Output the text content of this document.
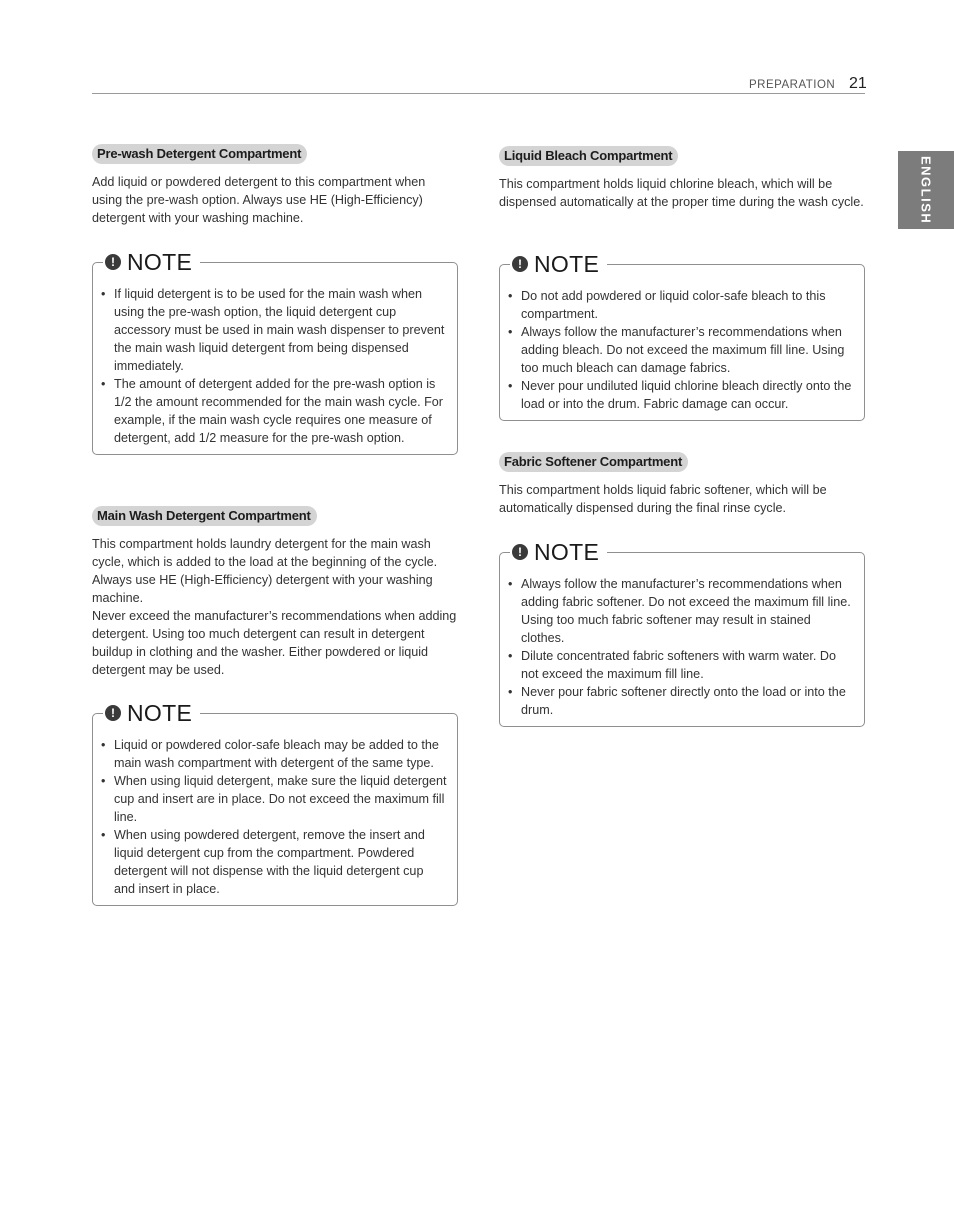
PREPARATION 21
ENGLISH
Pre-wash Detergent Compartment

Add liquid or powdered detergent to this compartment when using the pre-wash option. Always use HE (High-Efficiency) detergent with your washing machine.

! NOTE
• If liquid detergent is to be used for the main wash when using the pre-wash option, the liquid detergent cup accessory must be used in main wash dispenser to prevent the main wash liquid detergent from being dispensed immediately.
• The amount of detergent added for the pre-wash option is 1/2 the amount recommended for the main wash cycle. For example, if the main wash cycle requires one measure of detergent, add 1/2 measure for the pre-wash option.
Main Wash Detergent Compartment

This compartment holds laundry detergent for the main wash cycle, which is added to the load at the beginning of the cycle. Always use HE (High-Efficiency) detergent with your washing machine.

Never exceed the manufacturer’s recommendations when adding detergent. Using too much detergent can result in detergent buildup in clothing and the washer. Either powdered or liquid detergent may be used.

! NOTE
• Liquid or powdered color-safe bleach may be added to the main wash compartment with detergent of the same type.
• When using liquid detergent, make sure the liquid detergent cup and insert are in place. Do not exceed the maximum fill line.
• When using powdered detergent, remove the insert and liquid detergent cup from the compartment. Powdered detergent will not dispense with the liquid detergent cup and insert in place.
Liquid Bleach Compartment

This compartment holds liquid chlorine bleach, which will be dispensed automatically at the proper time during the wash cycle.

! NOTE
• Do not add powdered or liquid color-safe bleach to this compartment.
• Always follow the manufacturer’s recommendations when adding bleach. Do not exceed the maximum fill line. Using too much bleach can damage fabrics.
• Never pour undiluted liquid chlorine bleach directly onto the load or into the drum. Fabric damage can occur.
Fabric Softener Compartment

This compartment holds liquid fabric softener, which will be automatically dispensed during the final rinse cycle.

! NOTE
• Always follow the manufacturer’s recommendations when adding fabric softener. Do not exceed the maximum fill line. Using too much fabric softener may result in stained clothes.
• Dilute concentrated fabric softeners with warm water. Do not exceed the maximum fill line.
• Never pour fabric softener directly onto the load or into the drum.
